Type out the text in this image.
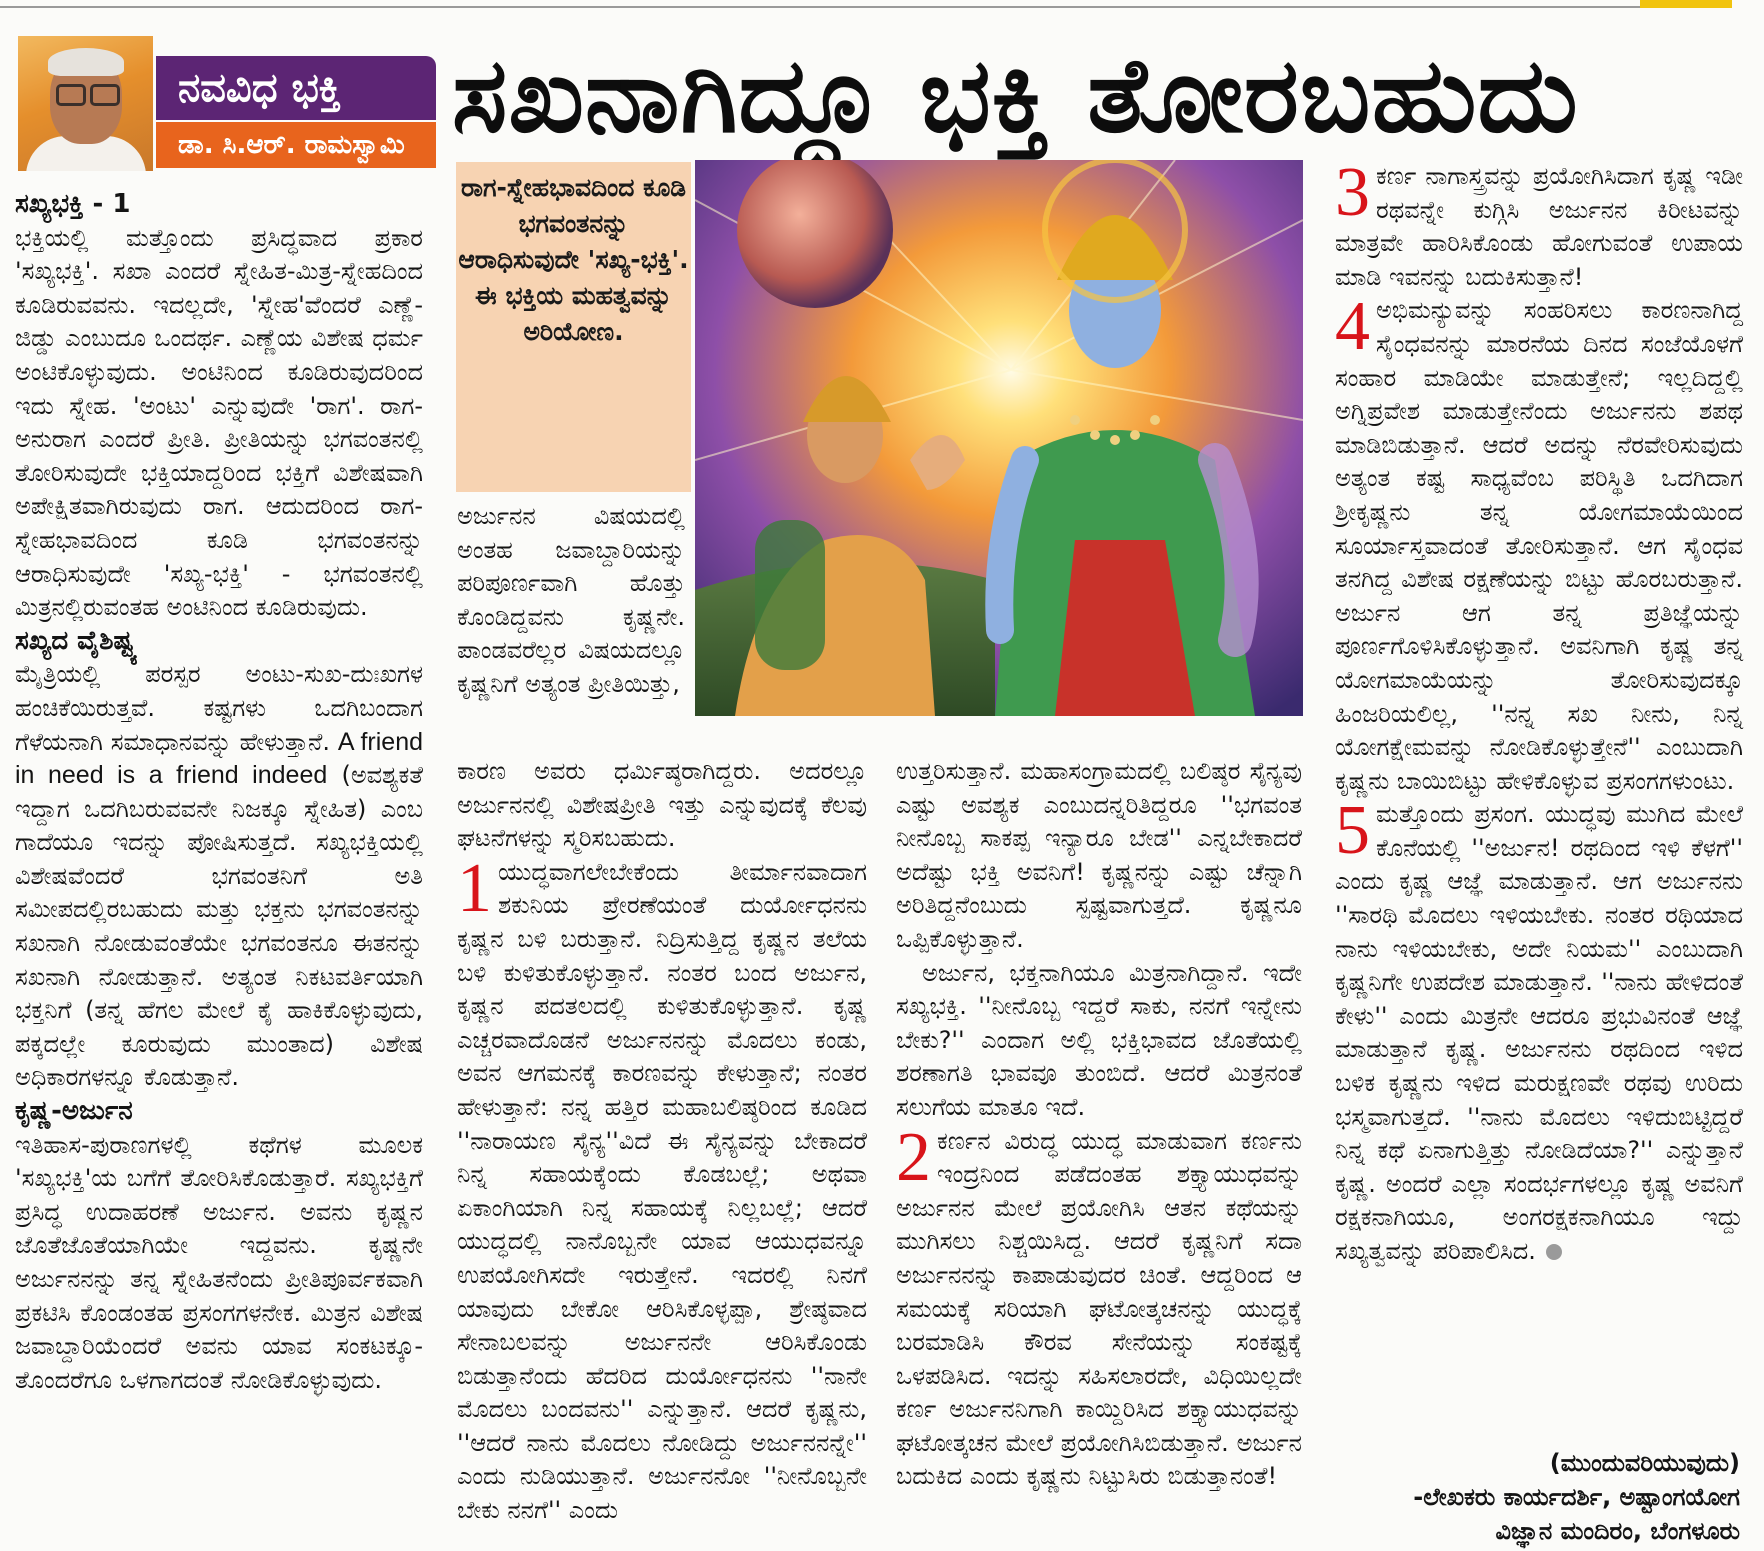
ನವವಿಧ ಭಕ್ತಿ
ಡಾ. ಸಿ.ಆರ್. ರಾಮಸ್ವಾಮಿ ಸಖನಾಗಿದ್ದೂ ಭಕ್ತಿ ತೋರಬಹುದು

ಸಖ್ಯಭಕ್ತಿ - 1

ಭಕ್ತಿಯಲ್ಲಿ ಮತ್ತೊಂದು ಪ್ರಸಿದ್ಧವಾದ ಪ್ರಕಾರ 'ಸಖ್ಯಭಕ್ತಿ'. ಸಖಾ ಎಂದರೆ ಸ್ನೇಹಿತ-ಮಿತ್ರ-ಸ್ನೇಹದಿಂದ ಕೂಡಿರುವವನು. ಇದಲ್ಲದೇ, 'ಸ್ನೇಹ'ವೆಂದರೆ ಎಣ್ಣೆ-ಜಿಡ್ಡು ಎಂಬುದೂ ಒಂದರ್ಥ. ಎಣ್ಣೆಯ ವಿಶೇಷ ಧರ್ಮ ಅಂಟಿಕೊಳ್ಳುವುದು. ಅಂಟಿನಿಂದ ಕೂಡಿರುವುದರಿಂದ ಇದು ಸ್ನೇಹ. 'ಅಂಟು' ಎನ್ನುವುದೇ 'ರಾಗ'. ರಾಗ-ಅನುರಾಗ ಎಂದರೆ ಪ್ರೀತಿ. ಪ್ರೀತಿಯನ್ನು ಭಗವಂತನಲ್ಲಿ ತೋರಿಸುವುದೇ ಭಕ್ತಿಯಾದ್ದರಿಂದ ಭಕ್ತಿಗೆ ವಿಶೇಷವಾಗಿ ಅಪೇಕ್ಷಿತವಾಗಿರುವುದು ರಾಗ. ಆದುದರಿಂದ ರಾಗ-ಸ್ನೇಹಭಾವದಿಂದ ಕೂಡಿ ಭಗವಂತನನ್ನು ಆರಾಧಿಸುವುದೇ 'ಸಖ್ಯ-ಭಕ್ತಿ' - ಭಗವಂತನಲ್ಲಿ ಮಿತ್ರನಲ್ಲಿರುವಂತಹ ಅಂಟಿನಿಂದ ಕೂಡಿರುವುದು.

ಸಖ್ಯದ ವೈಶಿಷ್ಟ್ಯ

ಮೈತ್ರಿಯಲ್ಲಿ ಪರಸ್ಪರ ಅಂಟು-ಸುಖ-ದುಃಖಗಳ ಹಂಚಿಕೆಯಿರುತ್ತವೆ. ಕಷ್ಟಗಳು ಒದಗಿಬಂದಾಗ ಗೆಳೆಯನಾಗಿ ಸಮಾಧಾನವನ್ನು ಹೇಳುತ್ತಾನೆ. A friend in need is a friend indeed (ಅವಶ್ಯಕತೆ ಇದ್ದಾಗ ಒದಗಿಬರುವವನೇ ನಿಜಕ್ಕೂ ಸ್ನೇಹಿತ) ಎಂಬ ಗಾದೆಯೂ ಇದನ್ನು ಪೋಷಿಸುತ್ತದೆ. ಸಖ್ಯಭಕ್ತಿಯಲ್ಲಿ ವಿಶೇಷವೆಂದರೆ ಭಗವಂತನಿಗೆ ಅತಿ ಸಮೀಪದಲ್ಲಿರಬಹುದು ಮತ್ತು ಭಕ್ತನು ಭಗವಂತನನ್ನು ಸಖನಾಗಿ ನೋಡುವಂತೆಯೇ ಭಗವಂತನೂ ಈತನನ್ನು ಸಖನಾಗಿ ನೋಡುತ್ತಾನೆ. ಅತ್ಯಂತ ನಿಕಟವರ್ತಿಯಾಗಿ ಭಕ್ತನಿಗೆ (ತನ್ನ ಹೆಗಲ ಮೇಲೆ ಕೈ ಹಾಕಿಕೊಳ್ಳುವುದು, ಪಕ್ಕದಲ್ಲೇ ಕೂರುವುದು ಮುಂತಾದ) ವಿಶೇಷ ಅಧಿಕಾರಗಳನ್ನೂ ಕೊಡುತ್ತಾನೆ.

ಕೃಷ್ಣ-ಅರ್ಜುನ

ಇತಿಹಾಸ-ಪುರಾಣಗಳಲ್ಲಿ ಕಥೆಗಳ ಮೂಲಕ 'ಸಖ್ಯಭಕ್ತಿ'ಯ ಬಗೆಗೆ ತೋರಿಸಿಕೊಡುತ್ತಾರೆ. ಸಖ್ಯಭಕ್ತಿಗೆ ಪ್ರಸಿದ್ಧ ಉದಾಹರಣೆ ಅರ್ಜುನ. ಅವನು ಕೃಷ್ಣನ ಜೊತೆಜೊತೆಯಾಗಿಯೇ ಇದ್ದವನು. ಕೃಷ್ಣನೇ ಅರ್ಜುನನನ್ನು ತನ್ನ ಸ್ನೇಹಿತನೆಂದು ಪ್ರೀತಿಪೂರ್ವಕವಾಗಿ ಪ್ರಕಟಿಸಿ ಕೊಂಡಂತಹ ಪ್ರಸಂಗಗಳನೇಕ. ಮಿತ್ರನ ವಿಶೇಷ ಜವಾಬ್ದಾರಿಯೆಂದರೆ ಅವನು ಯಾವ ಸಂಕಟಕ್ಕೂ-ತೊಂದರೆಗೂ ಒಳಗಾಗದಂತೆ ನೋಡಿಕೊಳ್ಳುವುದು.

ರಾಗ-ಸ್ನೇಹಭಾವದಿಂದ ಕೂಡಿ ಭಗವಂತನನ್ನು ಆರಾಧಿಸುವುದೇ 'ಸಖ್ಯ-ಭಕ್ತಿ'. ಈ ಭಕ್ತಿಯ ಮಹತ್ವವನ್ನು ಅರಿಯೋಣ.

ಅರ್ಜುನನ ವಿಷಯದಲ್ಲಿ ಅಂತಹ ಜವಾಬ್ದಾರಿಯನ್ನು ಪರಿಪೂರ್ಣವಾಗಿ ಹೊತ್ತು ಕೊಂಡಿದ್ದವನು ಕೃಷ್ಣನೇ. ಪಾಂಡವರೆಲ್ಲರ ವಿಷಯದಲ್ಲೂ ಕೃಷ್ಣನಿಗೆ ಅತ್ಯಂತ ಪ್ರೀತಿಯಿತ್ತು,

ಕಾರಣ ಅವರು ಧರ್ಮಿಷ್ಠರಾಗಿದ್ದರು. ಅದರಲ್ಲೂ ಅರ್ಜುನನಲ್ಲಿ ವಿಶೇಷಪ್ರೀತಿ ಇತ್ತು ಎನ್ನುವುದಕ್ಕೆ ಕೆಲವು ಘಟನೆಗಳನ್ನು ಸ್ಮರಿಸಬಹುದು.

1 ಯುದ್ಧವಾಗಲೇಬೇಕೆಂದು ತೀರ್ಮಾನವಾದಾಗ ಶಕುನಿಯ ಪ್ರೇರಣೆಯಂತೆ ದುರ್ಯೋಧನನು ಕೃಷ್ಣನ ಬಳಿ ಬರುತ್ತಾನೆ. ನಿದ್ರಿಸುತ್ತಿದ್ದ ಕೃಷ್ಣನ ತಲೆಯ ಬಳಿ ಕುಳಿತುಕೊಳ್ಳುತ್ತಾನೆ. ನಂತರ ಬಂದ ಅರ್ಜುನ, ಕೃಷ್ಣನ ಪದತಲದಲ್ಲಿ ಕುಳಿತುಕೊಳ್ಳುತ್ತಾನೆ. ಕೃಷ್ಣ ಎಚ್ಚರವಾದೊಡನೆ ಅರ್ಜುನನನ್ನು ಮೊದಲು ಕಂಡು, ಅವನ ಆಗಮನಕ್ಕೆ ಕಾರಣವನ್ನು ಕೇಳುತ್ತಾನೆ; ನಂತರ ಹೇಳುತ್ತಾನೆ: ನನ್ನ ಹತ್ತಿರ ಮಹಾಬಲಿಷ್ಠರಿಂದ ಕೂಡಿದ ''ನಾರಾಯಣ ಸೈನ್ಯ''ವಿದೆ ಈ ಸೈನ್ಯವನ್ನು ಬೇಕಾದರೆ ನಿನ್ನ ಸಹಾಯಕ್ಕೆಂದು ಕೊಡಬಲ್ಲೆ; ಅಥವಾ ಏಕಾಂಗಿಯಾಗಿ ನಿನ್ನ ಸಹಾಯಕ್ಕೆ ನಿಲ್ಲಬಲ್ಲೆ; ಆದರೆ ಯುದ್ಧದಲ್ಲಿ ನಾನೊಬ್ಬನೇ ಯಾವ ಆಯುಧವನ್ನೂ ಉಪಯೋಗಿಸದೇ ಇರುತ್ತೇನೆ. ಇದರಲ್ಲಿ ನಿನಗೆ ಯಾವುದು ಬೇಕೋ ಆರಿಸಿಕೊಳ್ಳಪ್ಪಾ, ಶ್ರೇಷ್ಠವಾದ ಸೇನಾಬಲವನ್ನು ಅರ್ಜುನನೇ ಆರಿಸಿಕೊಂಡು ಬಿಡುತ್ತಾನೆಂದು ಹೆದರಿದ ದುರ್ಯೋಧನನು ''ನಾನೇ ಮೊದಲು ಬಂದವನು'' ಎನ್ನುತ್ತಾನೆ. ಆದರೆ ಕೃಷ್ಣನು, ''ಆದರೆ ನಾನು ಮೊದಲು ನೋಡಿದ್ದು ಅರ್ಜುನನನ್ನೇ'' ಎಂದು ನುಡಿಯುತ್ತಾನೆ. ಅರ್ಜುನನೋ ''ನೀನೊಬ್ಬನೇ ಬೇಕು ನನಗೆ'' ಎಂದು

ಉತ್ತರಿಸುತ್ತಾನೆ. ಮಹಾಸಂಗ್ರಾಮದಲ್ಲಿ ಬಲಿಷ್ಠರ ಸೈನ್ಯವು ಎಷ್ಟು ಅವಶ್ಯಕ ಎಂಬುದನ್ನರಿತಿದ್ದರೂ ''ಭಗವಂತ ನೀನೊಬ್ಬ ಸಾಕಪ್ಪ ಇನ್ಯಾರೂ ಬೇಡ'' ಎನ್ನಬೇಕಾದರೆ ಅದೆಷ್ಟು ಭಕ್ತಿ ಅವನಿಗೆ! ಕೃಷ್ಣನನ್ನು ಎಷ್ಟು ಚೆನ್ನಾಗಿ ಅರಿತಿದ್ದನೆಂಬುದು ಸ್ಪಷ್ಟವಾಗುತ್ತದೆ. ಕೃಷ್ಣನೂ ಒಪ್ಪಿಕೊಳ್ಳುತ್ತಾನೆ.

ಅರ್ಜುನ, ಭಕ್ತನಾಗಿಯೂ ಮಿತ್ರನಾಗಿದ್ದಾನೆ. ಇದೇ ಸಖ್ಯಭಕ್ತಿ. ''ನೀನೊಬ್ಬ ಇದ್ದರೆ ಸಾಕು, ನನಗೆ ಇನ್ನೇನು ಬೇಕು?'' ಎಂದಾಗ ಅಲ್ಲಿ ಭಕ್ತಿಭಾವದ ಜೊತೆಯಲ್ಲಿ ಶರಣಾಗತಿ ಭಾವವೂ ತುಂಬಿದೆ. ಆದರೆ ಮಿತ್ರನಂತೆ ಸಲುಗೆಯ ಮಾತೂ ಇದೆ.

2 ಕರ್ಣನ ವಿರುದ್ಧ ಯುದ್ಧ ಮಾಡುವಾಗ ಕರ್ಣನು ಇಂದ್ರನಿಂದ ಪಡೆದಂತಹ ಶಕ್ತ್ಯಾಯುಧವನ್ನು ಅರ್ಜುನನ ಮೇಲೆ ಪ್ರಯೋಗಿಸಿ ಆತನ ಕಥೆಯನ್ನು ಮುಗಿಸಲು ನಿಶ್ಚಯಿಸಿದ್ದ. ಆದರೆ ಕೃಷ್ಣನಿಗೆ ಸದಾ ಅರ್ಜುನನನ್ನು ಕಾಪಾಡುವುದರ ಚಿಂತೆ. ಆದ್ದರಿಂದ ಆ ಸಮಯಕ್ಕೆ ಸರಿಯಾಗಿ ಘಟೋತ್ಕಚನನ್ನು ಯುದ್ಧಕ್ಕೆ ಬರಮಾಡಿಸಿ ಕೌರವ ಸೇನೆಯನ್ನು ಸಂಕಷ್ಟಕ್ಕೆ ಒಳಪಡಿಸಿದ. ಇದನ್ನು ಸಹಿಸಲಾರದೇ, ವಿಧಿಯಿಲ್ಲದೇ ಕರ್ಣ ಅರ್ಜುನನಿಗಾಗಿ ಕಾಯ್ದಿರಿಸಿದ ಶಕ್ತ್ಯಾಯುಧವನ್ನು ಘಟೋತ್ಕಚನ ಮೇಲೆ ಪ್ರಯೋಗಿಸಿಬಿಡುತ್ತಾನೆ. ಅರ್ಜುನ ಬದುಕಿದ ಎಂದು ಕೃಷ್ಣನು ನಿಟ್ಟುಸಿರು ಬಿಡುತ್ತಾನಂತೆ!

3 ಕರ್ಣ ನಾಗಾಸ್ತ್ರವನ್ನು ಪ್ರಯೋಗಿಸಿದಾಗ ಕೃಷ್ಣ ಇಡೀ ರಥವನ್ನೇ ಕುಗ್ಗಿಸಿ ಅರ್ಜುನನ ಕಿರೀಟವನ್ನು ಮಾತ್ರವೇ ಹಾರಿಸಿಕೊಂಡು ಹೋಗುವಂತೆ ಉಪಾಯ ಮಾಡಿ ಇವನನ್ನು ಬದುಕಿಸುತ್ತಾನೆ!

4 ಅಭಿಮನ್ಯುವನ್ನು ಸಂಹರಿಸಲು ಕಾರಣನಾಗಿದ್ದ ಸೈಂಧವನನ್ನು ಮಾರನೆಯ ದಿನದ ಸಂಜೆಯೊಳಗೆ ಸಂಹಾರ ಮಾಡಿಯೇ ಮಾಡುತ್ತೇನೆ; ಇಲ್ಲದಿದ್ದಲ್ಲಿ ಅಗ್ನಿಪ್ರವೇಶ ಮಾಡುತ್ತೇನೆಂದು ಅರ್ಜುನನು ಶಪಥ ಮಾಡಿಬಿಡುತ್ತಾನೆ. ಆದರೆ ಅದನ್ನು ನೆರವೇರಿಸುವುದು ಅತ್ಯಂತ ಕಷ್ಟ ಸಾಧ್ಯವೆಂಬ ಪರಿಸ್ಥಿತಿ ಒದಗಿದಾಗ ಶ್ರೀಕೃಷ್ಣನು ತನ್ನ ಯೋಗಮಾಯೆಯಿಂದ ಸೂರ್ಯಾಸ್ತವಾದಂತೆ ತೋರಿಸುತ್ತಾನೆ. ಆಗ ಸೈಂಧವ ತನಗಿದ್ದ ವಿಶೇಷ ರಕ್ಷಣೆಯನ್ನು ಬಿಟ್ಟು ಹೊರಬರುತ್ತಾನೆ. ಅರ್ಜುನ ಆಗ ತನ್ನ ಪ್ರತಿಜ್ಞೆಯನ್ನು ಪೂರ್ಣಗೊಳಿಸಿಕೊಳ್ಳುತ್ತಾನೆ. ಅವನಿಗಾಗಿ ಕೃಷ್ಣ ತನ್ನ ಯೋಗಮಾಯೆಯನ್ನು ತೋರಿಸುವುದಕ್ಕೂ ಹಿಂಜರಿಯಲಿಲ್ಲ, ''ನನ್ನ ಸಖ ನೀನು, ನಿನ್ನ ಯೋಗಕ್ಷೇಮವನ್ನು ನೋಡಿಕೊಳ್ಳುತ್ತೇನೆ'' ಎಂಬುದಾಗಿ ಕೃಷ್ಣನು ಬಾಯಿಬಿಟ್ಟು ಹೇಳಿಕೊಳ್ಳುವ ಪ್ರಸಂಗಗಳುಂಟು.

5 ಮತ್ತೊಂದು ಪ್ರಸಂಗ. ಯುದ್ಧವು ಮುಗಿದ ಮೇಲೆ ಕೊನೆಯಲ್ಲಿ ''ಅರ್ಜುನ! ರಥದಿಂದ ಇಳಿ ಕೆಳಗೆ'' ಎಂದು ಕೃಷ್ಣ ಆಜ್ಞೆ ಮಾಡುತ್ತಾನೆ. ಆಗ ಅರ್ಜುನನು ''ಸಾರಥಿ ಮೊದಲು ಇಳಿಯಬೇಕು. ನಂತರ ರಥಿಯಾದ ನಾನು ಇಳಿಯಬೇಕು, ಅದೇ ನಿಯಮ'' ಎಂಬುದಾಗಿ ಕೃಷ್ಣನಿಗೇ ಉಪದೇಶ ಮಾಡುತ್ತಾನೆ. ''ನಾನು ಹೇಳಿದಂತೆ ಕೇಳು'' ಎಂದು ಮಿತ್ರನೇ ಆದರೂ ಪ್ರಭುವಿನಂತೆ ಆಜ್ಞೆ ಮಾಡುತ್ತಾನೆ ಕೃಷ್ಣ. ಅರ್ಜುನನು ರಥದಿಂದ ಇಳಿದ ಬಳಿಕ ಕೃಷ್ಣನು ಇಳಿದ ಮರುಕ್ಷಣವೇ ರಥವು ಉರಿದು ಭಸ್ಮವಾಗುತ್ತದೆ. ''ನಾನು ಮೊದಲು ಇಳಿದುಬಿಟ್ಟಿದ್ದರೆ ನಿನ್ನ ಕಥೆ ಏನಾಗುತ್ತಿತ್ತು ನೋಡಿದೆಯಾ?'' ಎನ್ನುತ್ತಾನೆ ಕೃಷ್ಣ. ಅಂದರೆ ಎಲ್ಲಾ ಸಂದರ್ಭಗಳಲ್ಲೂ ಕೃಷ್ಣ ಅವನಿಗೆ ರಕ್ಷಕನಾಗಿಯೂ, ಅಂಗರಕ್ಷಕನಾಗಿಯೂ ಇದ್ದು ಸಖ್ಯತ್ವವನ್ನು ಪರಿಪಾಲಿಸಿದ.

(ಮುಂದುವರಿಯುವುದು)
-ಲೇಖಕರು ಕಾರ್ಯದರ್ಶಿ, ಅಷ್ಟಾಂಗಯೋಗ
ವಿಜ್ಞಾನ ಮಂದಿರಂ, ಬೆಂಗಳೂರು
